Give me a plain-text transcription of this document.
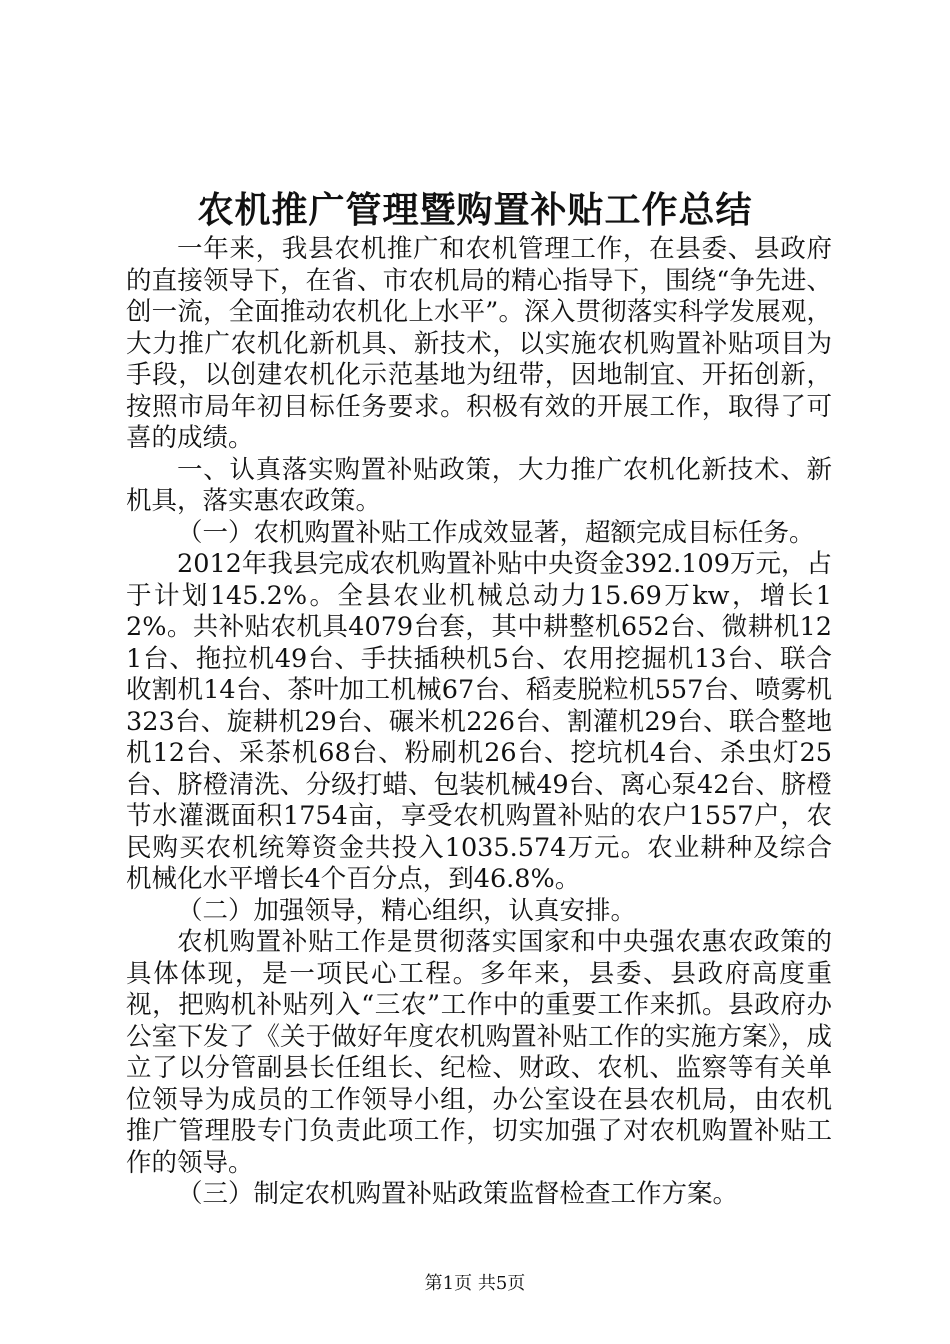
农机推广管理暨购置补贴工作总结

一年来，我县农机推广和农机管理工作，在县委、县政府的直接领导下，在省、市农机局的精心指导下，围绕“争先进、创一流，全面推动农机化上水平”。深入贯彻落实科学发展观，大力推广农机化新机具、新技术，以实施农机购置补贴项目为手段，以创建农机化示范基地为纽带，因地制宜、开拓创新，按照市局年初目标任务要求。积极有效的开展工作，取得了可喜的成绩。

一、认真落实购置补贴政策，大力推广农机化新技术、新机具，落实惠农政策。

（一）农机购置补贴工作成效显著，超额完成目标任务。

2012年我县完成农机购置补贴中央资金392.109万元，占于计划145.2%。全县农业机械总动力15.69万kw，增长12%。共补贴农机具4079台套，其中耕整机652台、微耕机121台、拖拉机49台、手扶插秧机5台、农用挖掘机13台、联合收割机14台、茶叶加工机械67台、稻麦脱粒机557台、喷雾机323台、旋耕机29台、碾米机226台、割灌机29台、联合整地机12台、采茶机68台、粉刷机26台、挖坑机4台、杀虫灯25台、脐橙清洗、分级打蜡、包装机械49台、离心泵42台、脐橙节水灌溉面积1754亩，享受农机购置补贴的农户1557户，农民购买农机统筹资金共投入1035.574万元。农业耕种及综合机械化水平增长4个百分点，到46.8%。

（二）加强领导，精心组织，认真安排。

农机购置补贴工作是贯彻落实国家和中央强农惠农政策的具体体现，是一项民心工程。多年来，县委、县政府高度重视，把购机补贴列入“三农”工作中的重要工作来抓。县政府办公室下发了《关于做好年度农机购置补贴工作的实施方案》，成立了以分管副县长任组长、纪检、财政、农机、监察等有关单位领导为成员的工作领导小组，办公室设在县农机局，由农机推广管理股专门负责此项工作，切实加强了对农机购置补贴工作的领导。

（三）制定农机购置补贴政策监督检查工作方案。

第1页 共5页
